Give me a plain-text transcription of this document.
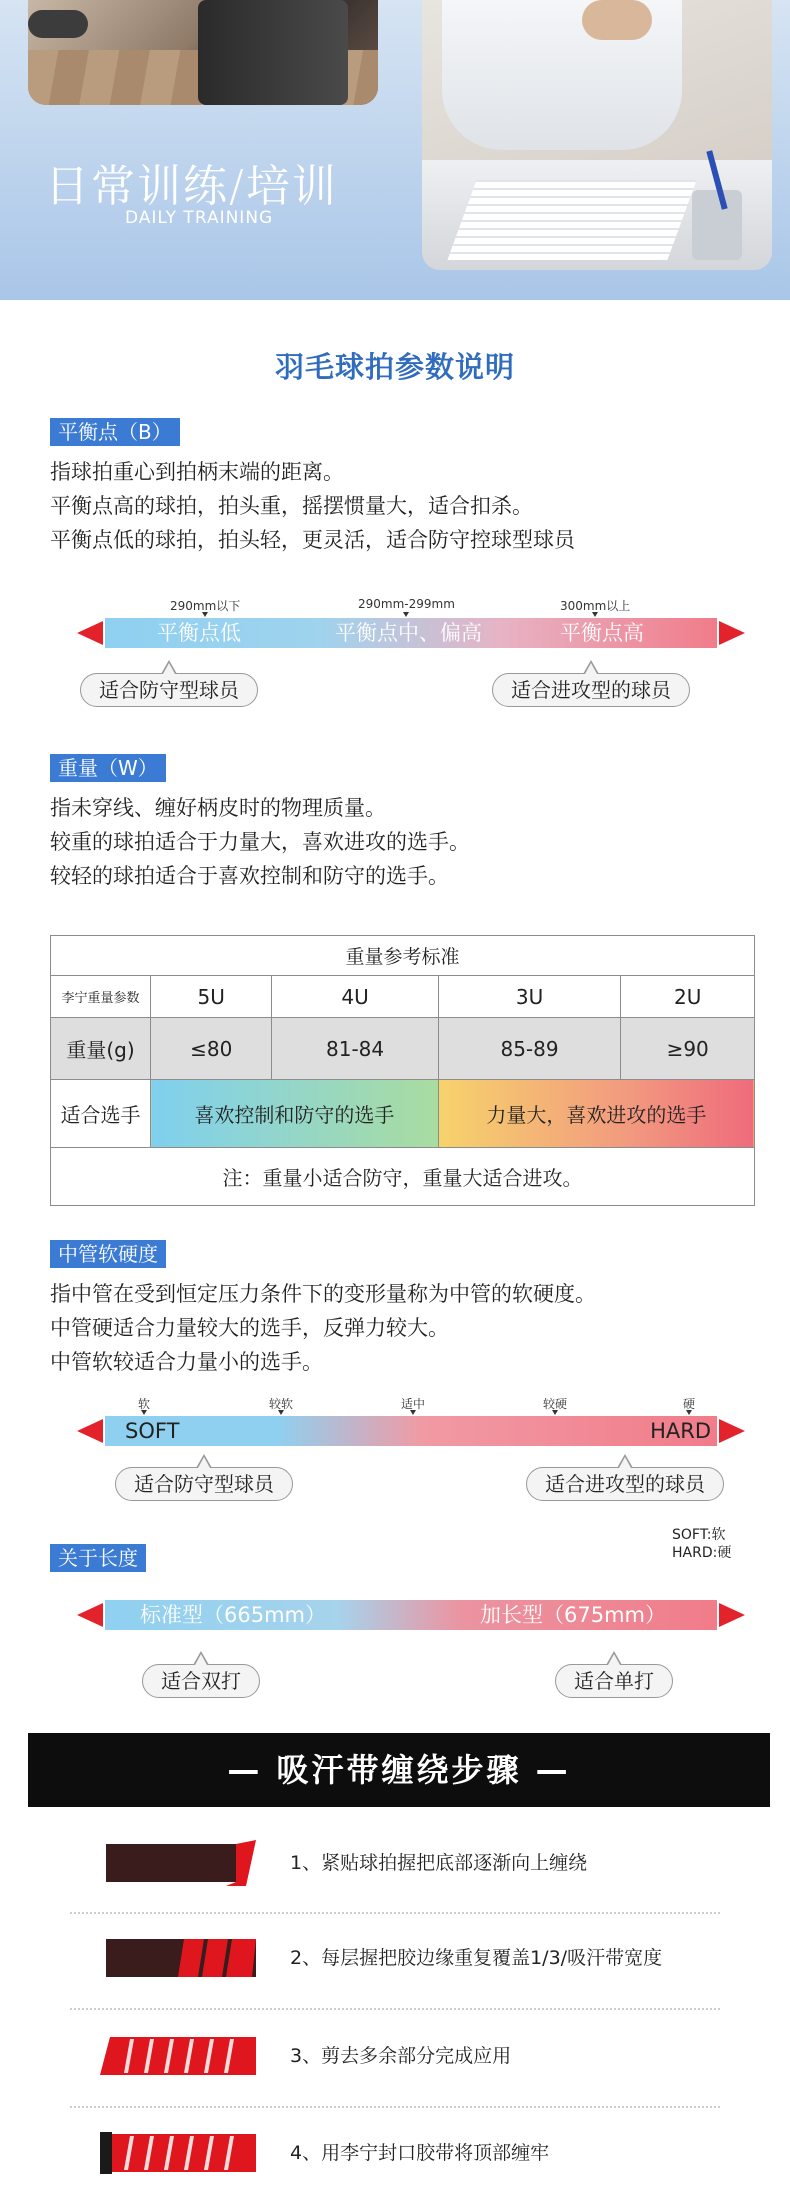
日常训练/培训
DAILY TRAINING
羽毛球拍参数说明
平衡点（B）
指球拍重心到拍柄末端的距离。
平衡点高的球拍，拍头重，摇摆惯量大，适合扣杀。
平衡点低的球拍，拍头轻，更灵活，适合防守控球型球员
290mm以下	290mm-299mm	300mm以上
平衡点低	平衡点中、偏高	平衡点高
适合防守型球员	适合进攻型的球员
重量（W）
指未穿线、缠好柄皮时的物理质量。
较重的球拍适合于力量大，喜欢进攻的选手。
较轻的球拍适合于喜欢控制和防守的选手。
重量参考标准				
李宁重量参数	5U	4U	3U	2U
重量(g)	≤80	81-84	85-89	≥90
适合选手	喜欢控制和防守的选手		力量大，喜欢进攻的选手	
注：重量小适合防守，重量大适合进攻。				
中管软硬度
指中管在受到恒定压力条件下的变形量称为中管的软硬度。
中管硬适合力量较大的选手，反弹力较大。
中管软较适合力量小的选手。
软	较软	适中	较硬	硬
SOFT	HARD
适合防守型球员	适合进攻型的球员
SOFT:软
HARD:硬
关于长度
标准型（665mm）	加长型（675mm）
适合双打	适合单打
— 吸汗带缠绕步骤 —
1、紧贴球拍握把底部逐渐向上缠绕
2、每层握把胶边缘重复覆盖1/3/吸汗带宽度
3、剪去多余部分完成应用
4、用李宁封口胶带将顶部缠牢
